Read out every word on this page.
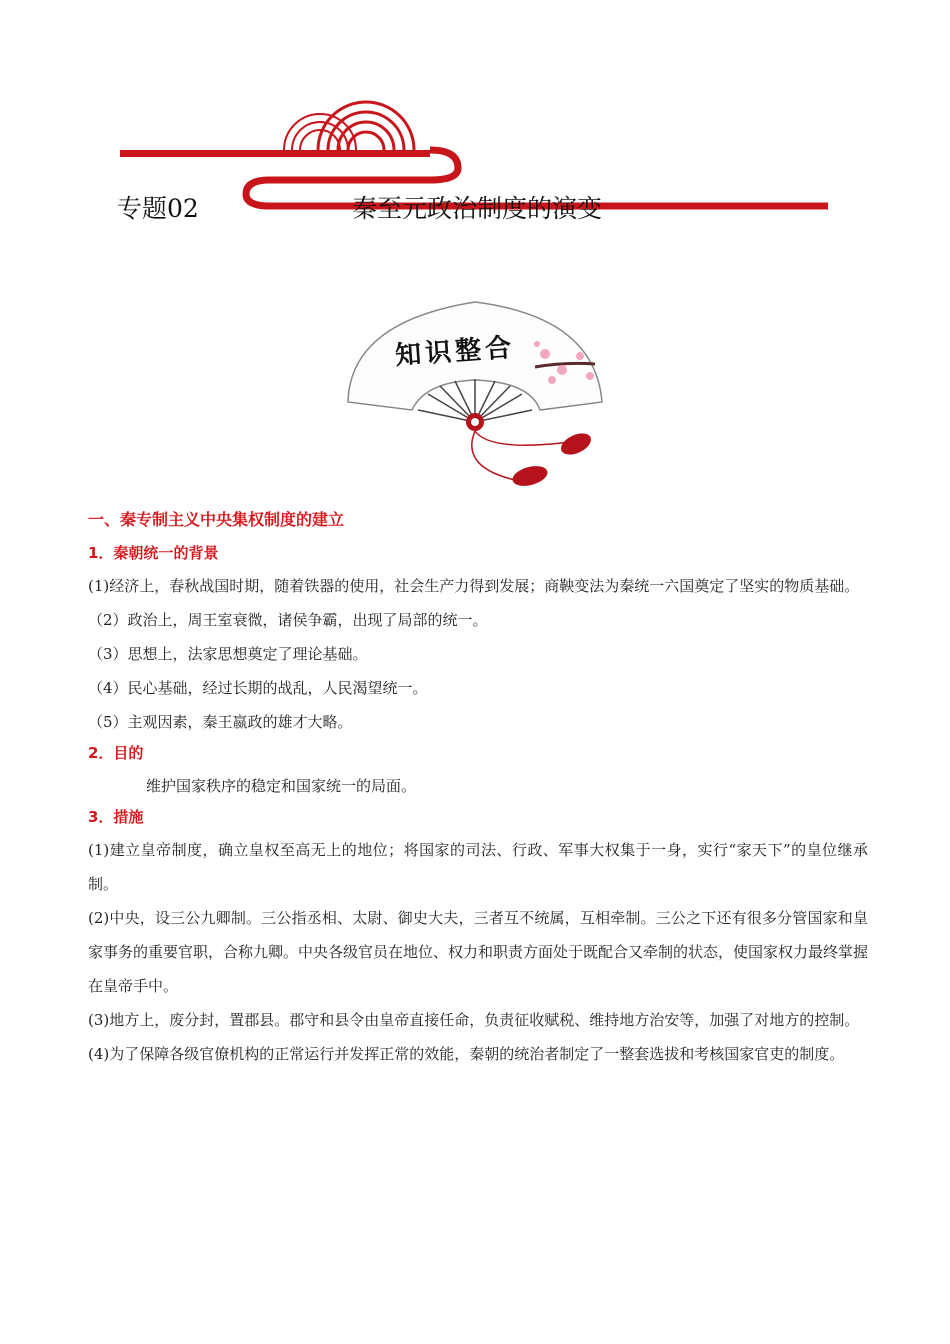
专题02	秦至元政治制度的演变
知识整合
一、秦专制主义中央集权制度的建立
1．秦朝统一的背景

(1)经济上，春秋战国时期，随着铁器的使用，社会生产力得到发展；商鞅变法为秦统一六国奠定了坚实的物质基础。

（2）政治上，周王室衰微，诸侯争霸，出现了局部的统一。

（3）思想上，法家思想奠定了理论基础。

（4）民心基础，经过长期的战乱，人民渴望统一。

（5）主观因素，秦王嬴政的雄才大略。

2．目的

维护国家秩序的稳定和国家统一的局面。

3．措施

(1)建立皇帝制度，确立皇权至高无上的地位；将国家的司法、行政、军事大权集于一身，实行“家天下”的皇位继承制。

(2)中央，设三公九卿制。三公指丞相、太尉、御史大夫，三者互不统属，互相牵制。三公之下还有很多分管国家和皇家事务的重要官职，合称九卿。中央各级官员在地位、权力和职责方面处于既配合又牵制的状态，使国家权力最终掌握在皇帝手中。

(3)地方上，废分封，置郡县。郡守和县令由皇帝直接任命，负责征收赋税、维持地方治安等，加强了对地方的控制。

(4)为了保障各级官僚机构的正常运行并发挥正常的效能，秦朝的统治者制定了一整套选拔和考核国家官吏的制度。
